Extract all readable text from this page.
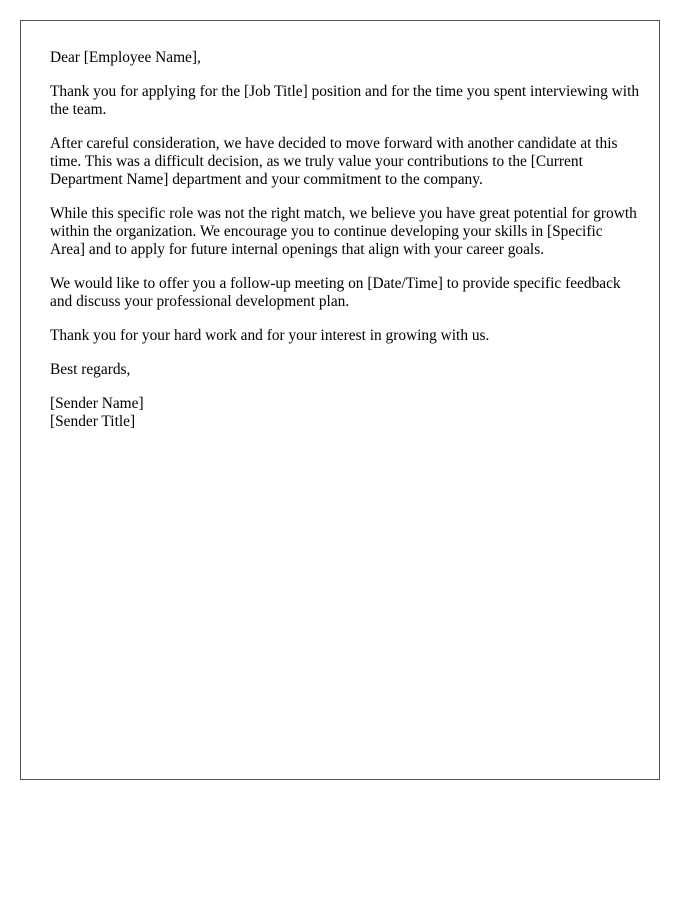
Dear [Employee Name],

Thank you for applying for the [Job Title] position and for the time you spent interviewing with the team.

After careful consideration, we have decided to move forward with another candidate at this time. This was a difficult decision, as we truly value your contributions to the [Current Department Name] department and your commitment to the company.

While this specific role was not the right match, we believe you have great potential for growth within the organization. We encourage you to continue developing your skills in [Specific Area] and to apply for future internal openings that align with your career goals.

We would like to offer you a follow-up meeting on [Date/Time] to provide specific feedback and discuss your professional development plan.

Thank you for your hard work and for your interest in growing with us.

Best regards,

[Sender Name]

[Sender Title]
